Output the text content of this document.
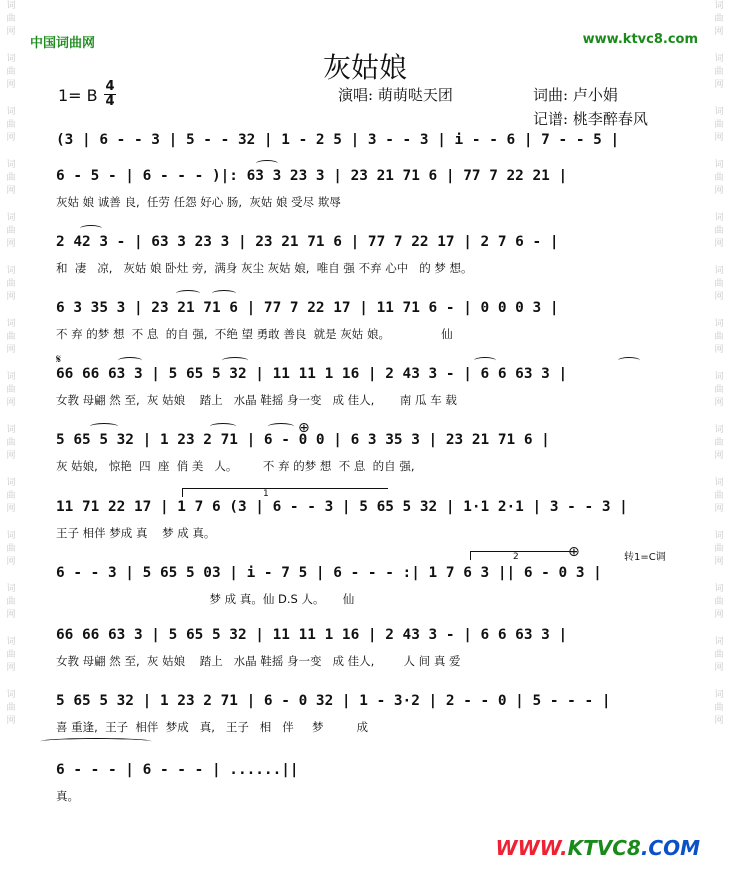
词
曲
网
词
曲
网
词
曲
网
词
曲
网
词
曲
网
词
曲
网
词
曲
网
词
曲
网
词
曲
网
词
曲
网
词
曲
网
词
曲
网
词
曲
网
词
曲
网
词
曲
网
词
曲
网
词
曲
网
词
曲
网
词
曲
网
词
曲
网
词
曲
网
词
曲
网
词
曲
网
词
曲
网
词
曲
网
词
曲
网
词
曲
网
词
曲
网
中国词曲网	www.ktvc8.com
灰姑娘
1= B 4
4	演唱: 萌萌哒天团	词曲: 卢小娟
记谱: 桃李醉春风
(3 | 6 - - 3 | 5 - - 32 | 1 - 2 5 | 3 - - 3 | i - - 6 | 7 - - 5 |
6 - 5 - | 6 - - - )|: 63 3 23 3 | 23 21 71 6 | 77 7 22 21 |
灰姑 娘 诚善 良,  任劳 任怨 好心 肠,  灰姑 娘 受尽 欺辱
2 42 3 - | 63 3 23 3 | 23 21 71 6 | 77 7 22 17 | 2 7 6 - |
和  凄   凉,   灰姑 娘 卧灶 旁,  满身 灰尘 灰姑 娘,  唯自 强 不弃 心中   的 梦 想。
6 3 35 3 | 23 21 71 6 | 77 7 22 17 | 11 71 6 - | 0 0 0 3 |
不 弃 的梦 想  不 息  的自 强,  不绝 望 勇敢 善良  就是 灰姑 娘。              仙
66 66 63 3 | 5 65 5 32 | 11 11 1 16 | 2 43 3 - | 6 6 63 3 |
女教 母翩 然 至,  灰 姑娘    踏上   水晶 鞋摇 身一变   成 佳人,       南 瓜 车 载
5 65 5 32 | 1 23 2 71 | 6 - 0 0 | 6 3 35 3 | 23 21 71 6 |
灰 姑娘,   惊艳  四  座  俏 美   人。       不 弃 的梦 想  不 息  的自 强,
11 71 22 17 | 1 7 6 (3 | 6 - - 3 | 5 65 5 32 | 1·1 2·1 | 3 - - 3 |
王子 相伴 梦成 真    梦 成 真。
6 - - 3 | 5 65 5 03 | i - 7 5 | 6 - - - :| 1 7 6 3 || 6 - 0 3 |
梦 成 真。仙 D.S 人。     仙
66 66 63 3 | 5 65 5 32 | 11 11 1 16 | 2 43 3 - | 6 6 63 3 |
女教 母翩 然 至,  灰 姑娘    踏上   水晶 鞋摇 身一变   成 佳人,        人 间 真 爱
5 65 5 32 | 1 23 2 71 | 6 - 0 32 | 1 - 3·2 | 2 - - 0 | 5 - - - |
喜 重逢,  王子  相伴  梦成   真,   王子   相   伴     梦         成
6 - - - | 6 - - - | ......||
真。
1
2
⊕
⊕
𝄋
转1=C调
WWW.KTVC8.COM
